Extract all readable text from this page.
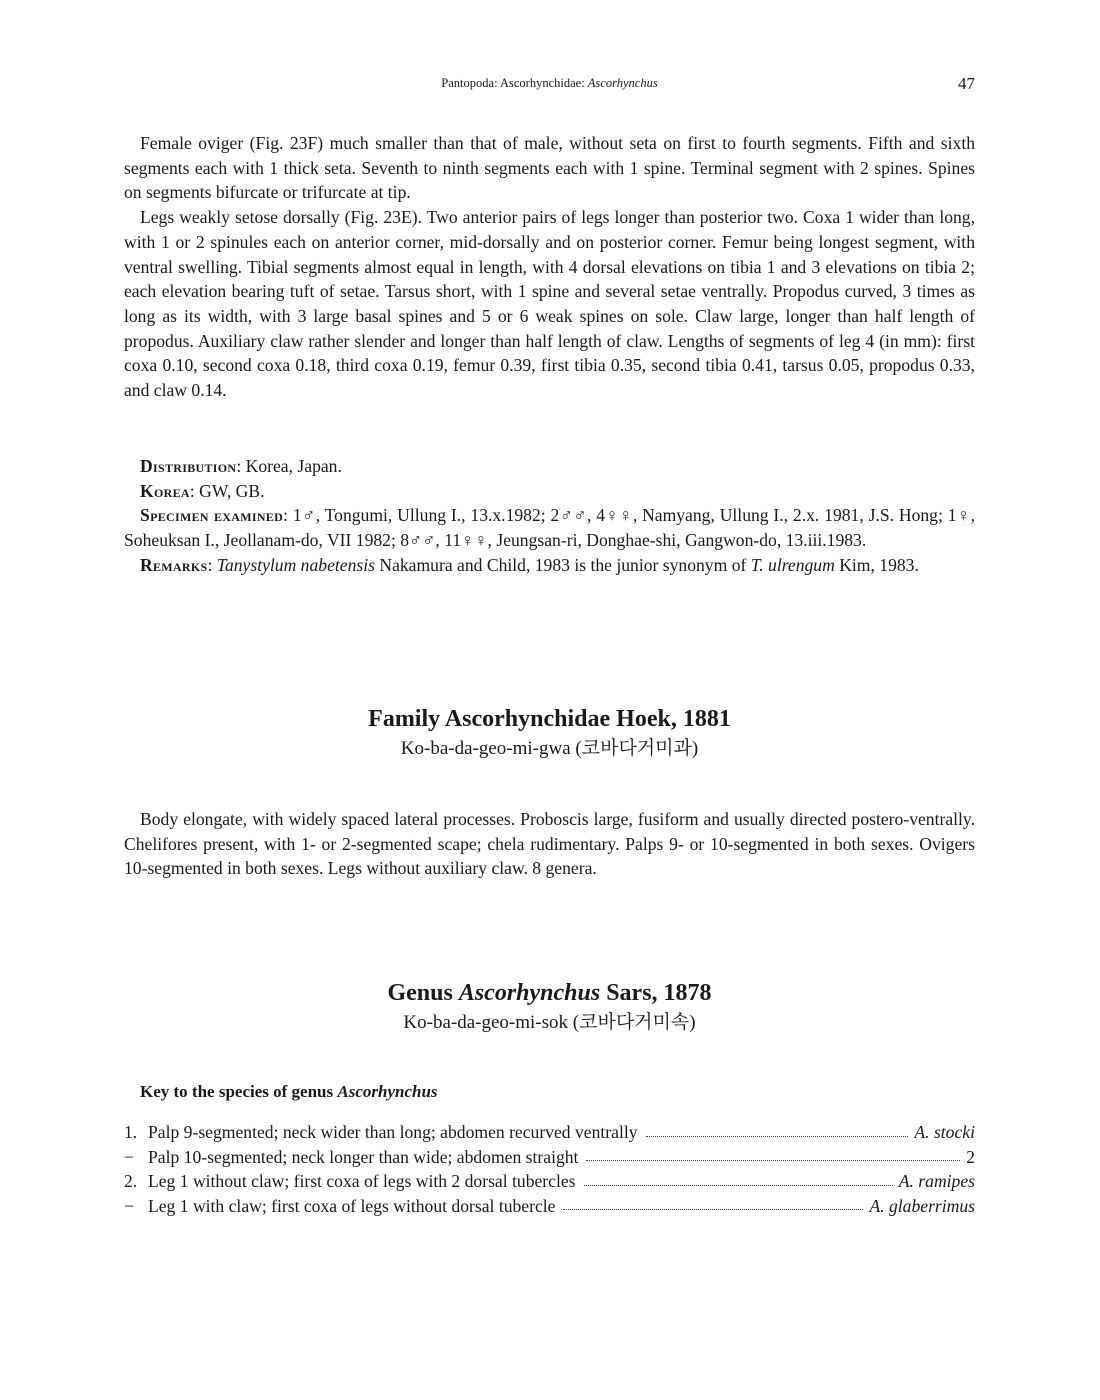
Pantopoda: Ascorhynchidae: Ascorhynchus	47

Female oviger (Fig. 23F) much smaller than that of male, without seta on first to fourth segments. Fifth and sixth segments each with 1 thick seta. Seventh to ninth segments each with 1 spine. Terminal segment with 2 spines. Spines on segments bifurcate or trifurcate at tip.

Legs weakly setose dorsally (Fig. 23E). Two anterior pairs of legs longer than posterior two. Coxa 1 wider than long, with 1 or 2 spinules each on anterior corner, mid-dorsally and on posterior corner. Femur being longest segment, with ventral swelling. Tibial segments almost equal in length, with 4 dorsal elevations on tibia 1 and 3 elevations on tibia 2; each elevation bearing tuft of setae. Tarsus short, with 1 spine and several setae ventrally. Propodus curved, 3 times as long as its width, with 3 large basal spines and 5 or 6 weak spines on sole. Claw large, longer than half length of propodus. Auxiliary claw rather slender and longer than half length of claw. Lengths of segments of leg 4 (in mm): first coxa 0.10, second coxa 0.18, third coxa 0.19, femur 0.39, first tibia 0.35, second tibia 0.41, tarsus 0.05, propodus 0.33, and claw 0.14.

Distribution: Korea, Japan.

Korea: GW, GB.

Specimen examined: 1♂, Tongumi, Ullung I., 13.x.1982; 2♂♂, 4♀♀, Namyang, Ullung I., 2.x. 1981, J.S. Hong; 1♀, Soheuksan I., Jeollanam-do, VII 1982; 8♂♂, 11♀♀, Jeungsan-ri, Donghae-shi, Gangwon-do, 13.iii.1983.

Remarks: Tanystylum nabetensis Nakamura and Child, 1983 is the junior synonym of T. ulrengum Kim, 1983.

Family Ascorhynchidae Hoek, 1881
Ko-ba-da-geo-mi-gwa (코바다거미과)

Body elongate, with widely spaced lateral processes. Proboscis large, fusiform and usually directed postero-ventrally. Chelifores present, with 1- or 2-segmented scape; chela rudimentary. Palps 9- or 10-segmented in both sexes. Ovigers 10-segmented in both sexes. Legs without auxiliary claw. 8 genera.

Genus Ascorhynchus Sars, 1878
Ko-ba-da-geo-mi-sok (코바다거미속)
Key to the species of genus Ascorhynchus
1. Palp 9-segmented; neck wider than long; abdomen recurved ventrally	A. stocki
− Palp 10-segmented; neck longer than wide; abdomen straight	2
2. Leg 1 without claw; first coxa of legs with 2 dorsal tubercles	A. ramipes
− Leg 1 with claw; first coxa of legs without dorsal tubercle	A. glaberrimus
